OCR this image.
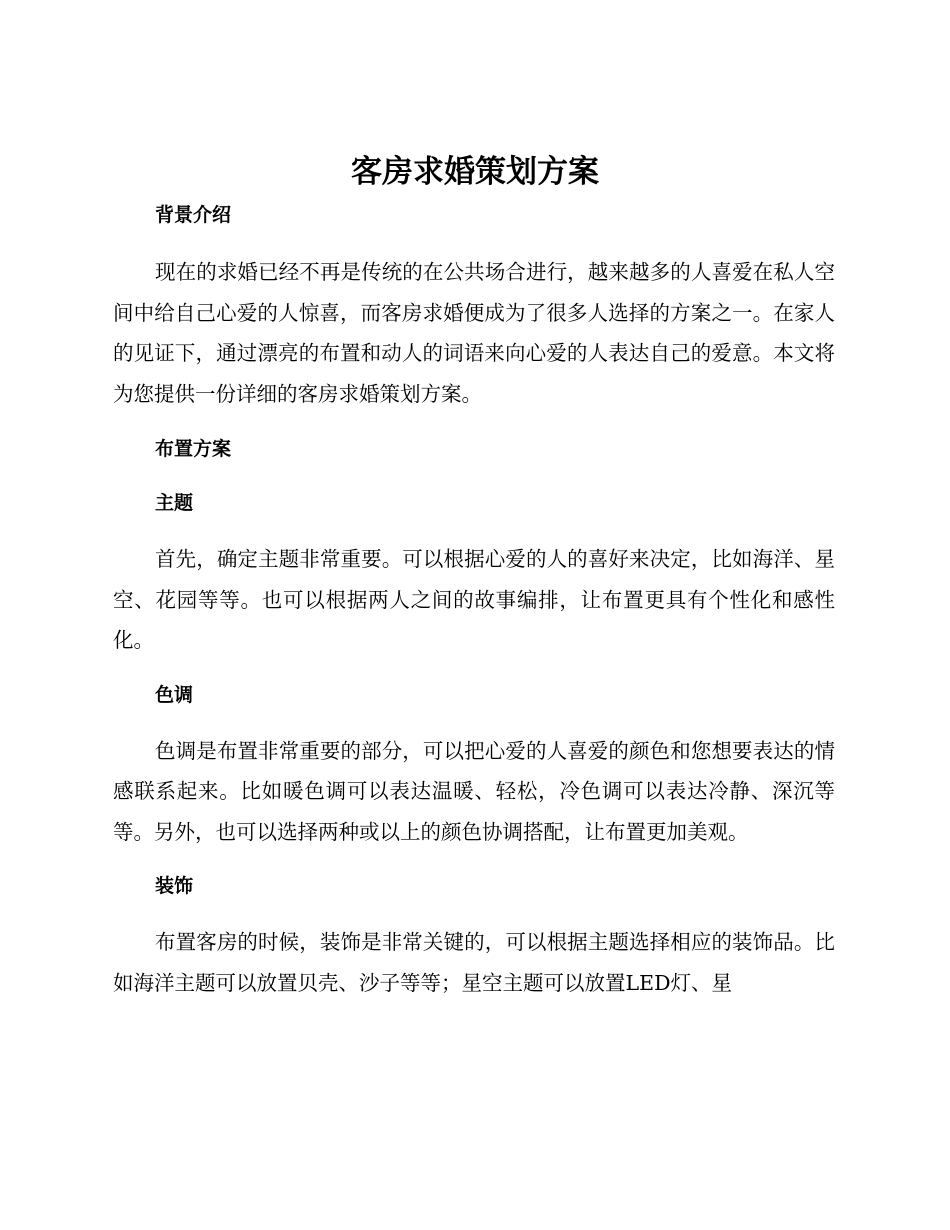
客房求婚策划方案
背景介绍

现在的求婚已经不再是传统的在公共场合进行，越来越多的人喜爱在私人空间中给自己心爱的人惊喜，而客房求婚便成为了很多人选择的方案之一。在家人的见证下，通过漂亮的布置和动人的词语来向心爱的人表达自己的爱意。本文将为您提供一份详细的客房求婚策划方案。

布置方案
主题

首先，确定主题非常重要。可以根据心爱的人的喜好来决定，比如海洋、星空、花园等等。也可以根据两人之间的故事编排，让布置更具有个性化和感性化。

色调

色调是布置非常重要的部分，可以把心爱的人喜爱的颜色和您想要表达的情感联系起来。比如暖色调可以表达温暖、轻松，冷色调可以表达冷静、深沉等等。另外，也可以选择两种或以上的颜色协调搭配，让布置更加美观。

装饰

布置客房的时候，装饰是非常关键的，可以根据主题选择相应的装饰品。比如海洋主题可以放置贝壳、沙子等等；星空主题可以放置LED灯、星
